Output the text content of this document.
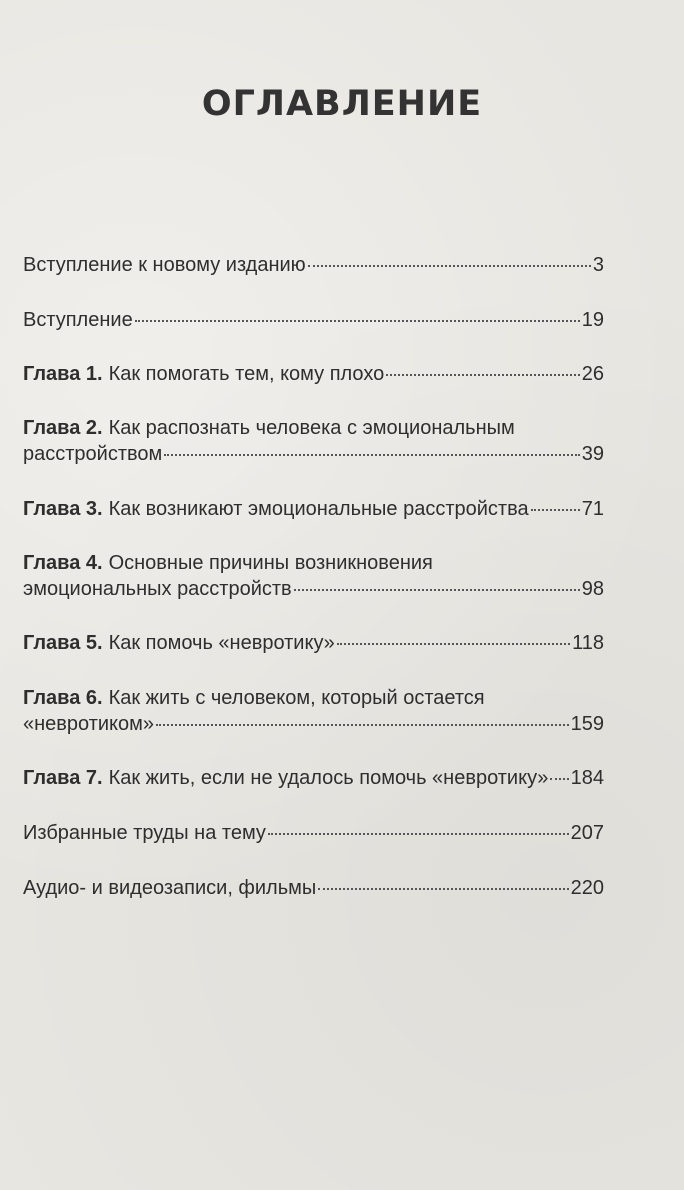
ОГЛАВЛЕНИЕ
Вступление к новому изданию	3
Вступление	19
Глава 1. Как помогать тем, кому плохо	26
Глава 2. Как распознать человека с эмоциональным
расстройством	39
Глава 3. Как возникают эмоциональные расстройства	71
Глава 4. Основные причины возникновения
эмоциональных расстройств	98
Глава 5. Как помочь «невротику»	118
Глава 6. Как жить с человеком, который остается
«невротиком»	159
Глава 7. Как жить, если не удалось помочь «невротику» 184
Избранные труды на тему	207
Аудио- и видеозаписи, фильмы	220
